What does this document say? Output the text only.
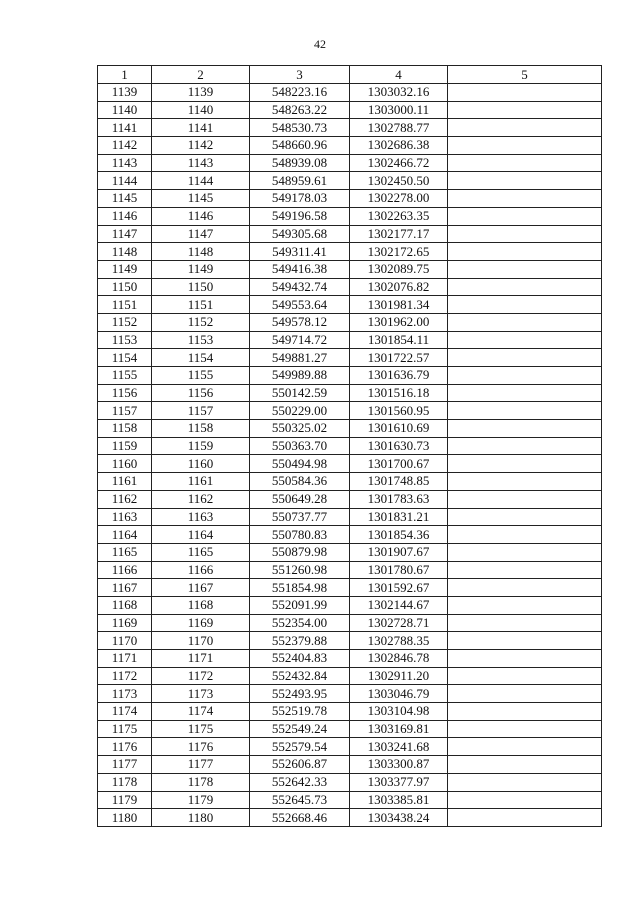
42
1	2	3	4	5
1139	1139	548223.16	1303032.16	
1140	1140	548263.22	1303000.11	
1141	1141	548530.73	1302788.77	
1142	1142	548660.96	1302686.38	
1143	1143	548939.08	1302466.72	
1144	1144	548959.61	1302450.50	
1145	1145	549178.03	1302278.00	
1146	1146	549196.58	1302263.35	
1147	1147	549305.68	1302177.17	
1148	1148	549311.41	1302172.65	
1149	1149	549416.38	1302089.75	
1150	1150	549432.74	1302076.82	
1151	1151	549553.64	1301981.34	
1152	1152	549578.12	1301962.00	
1153	1153	549714.72	1301854.11	
1154	1154	549881.27	1301722.57	
1155	1155	549989.88	1301636.79	
1156	1156	550142.59	1301516.18	
1157	1157	550229.00	1301560.95	
1158	1158	550325.02	1301610.69	
1159	1159	550363.70	1301630.73	
1160	1160	550494.98	1301700.67	
1161	1161	550584.36	1301748.85	
1162	1162	550649.28	1301783.63	
1163	1163	550737.77	1301831.21	
1164	1164	550780.83	1301854.36	
1165	1165	550879.98	1301907.67	
1166	1166	551260.98	1301780.67	
1167	1167	551854.98	1301592.67	
1168	1168	552091.99	1302144.67	
1169	1169	552354.00	1302728.71	
1170	1170	552379.88	1302788.35	
1171	1171	552404.83	1302846.78	
1172	1172	552432.84	1302911.20	
1173	1173	552493.95	1303046.79	
1174	1174	552519.78	1303104.98	
1175	1175	552549.24	1303169.81	
1176	1176	552579.54	1303241.68	
1177	1177	552606.87	1303300.87	
1178	1178	552642.33	1303377.97	
1179	1179	552645.73	1303385.81	
1180	1180	552668.46	1303438.24	
